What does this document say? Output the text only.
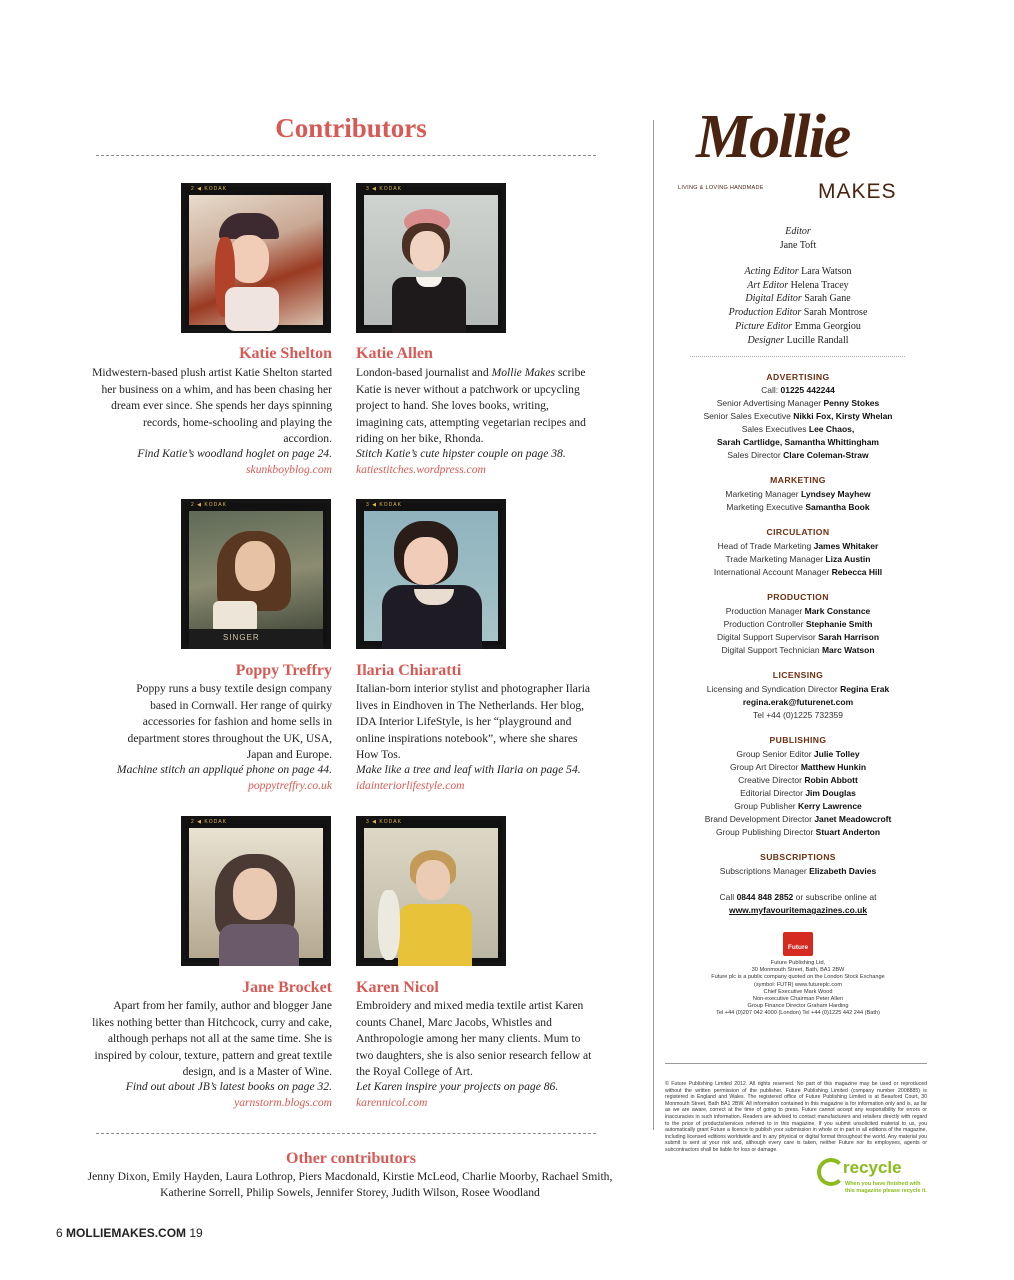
Contributors
2 ◀ KODAK	3 ◀ KODAK
Katie Shelton
Midwestern-based plush artist Katie Shelton started her business on a whim, and has been chasing her dream ever since. She spends her days spinning records, home-schooling and playing the accordion.
Find Katie’s woodland hoglet on page 24.
skunkboyblog.com
Katie Allen
London-based journalist and Mollie Makes scribe Katie is never without a patchwork or upcycling project to hand. She loves books, writing, imagining cats, attempting vegetarian recipes and riding on her bike, Rhonda.
Stitch Katie’s cute hipster couple on page 38.
katiestitches.wordpress.com
2 ◀ KODAK
SINGER
3 ◀ KODAK
Poppy Treffry
Poppy runs a busy textile design company based in Cornwall. Her range of quirky accessories for fashion and home sells in department stores throughout the UK, USA, Japan and Europe.
Machine stitch an appliqué phone on page 44.
poppytreffry.co.uk
Ilaria Chiaratti
Italian-born interior stylist and photographer Ilaria lives in Eindhoven in The Netherlands. Her blog, IDA Interior LifeStyle, is her “playground and online inspirations notebook”, where she shares How Tos.
Make like a tree and leaf with Ilaria on page 54.
idainteriorlifestyle.com
2 ◀ KODAK	3 ◀ KODAK
Jane Brocket
Apart from her family, author and blogger Jane likes nothing better than Hitchcock, curry and cake, although perhaps not all at the same time. She is inspired by colour, texture, pattern and great textile design, and is a Master of Wine.
Find out about JB’s latest books on page 32.
yarnstorm.blogs.com
Karen Nicol
Embroidery and mixed media textile artist Karen counts Chanel, Marc Jacobs, Whistles and Anthropologie among her many clients. Mum to two daughters, she is also senior research fellow at the Royal College of Art.
Let Karen inspire your projects on page 86.
karennicol.com
Other contributors
Jenny Dixon, Emily Hayden, Laura Lothrop, Piers Macdonald, Kirstie McLeod, Charlie Moorby, Rachael Smith, Katherine Sorrell, Philip Sowels, Jennifer Storey, Judith Wilson, Rosee Woodland
Mollie
MAKES
LIVING & LOVING HANDMADE
Editor
Jane Toft
Acting Editor Lara Watson
Art Editor Helena Tracey
Digital Editor Sarah Gane
Production Editor Sarah Montrose
Picture Editor Emma Georgiou
Designer Lucille Randall
ADVERTISING
Call: 01225 442244
Senior Advertising Manager Penny Stokes
Senior Sales Executive Nikki Fox, Kirsty Whelan
Sales Executives Lee Chaos,
Sarah Cartlidge, Samantha Whittingham
Sales Director Clare Coleman-Straw
MARKETING
Marketing Manager Lyndsey Mayhew
Marketing Executive Samantha Book
CIRCULATION
Head of Trade Marketing James Whitaker
Trade Marketing Manager Liza Austin
International Account Manager Rebecca Hill
PRODUCTION
Production Manager Mark Constance
Production Controller Stephanie Smith
Digital Support Supervisor Sarah Harrison
Digital Support Technician Marc Watson
LICENSING
Licensing and Syndication Director Regina Erak
regina.erak@futurenet.com
Tel +44 (0)1225 732359
PUBLISHING
Group Senior Editor Julie Tolley
Group Art Director Matthew Hunkin
Creative Director Robin Abbott
Editorial Director Jim Douglas
Group Publisher Kerry Lawrence
Brand Development Director Janet Meadowcroft
Group Publishing Director Stuart Anderton
SUBSCRIPTIONS
Subscriptions Manager Elizabeth Davies
Call 0844 848 2852 or subscribe online at
www.myfavouritemagazines.co.uk
Future
Future Publishing Ltd,
30 Monmouth Street, Bath, BA1 2BW
Future plc is a public company quoted on the London Stock Exchange
(symbol: FUTR) www.futureplc.com
Chief Executive Mark Wood
Non-executive Chairman Peter Allen
Group Finance Director Graham Harding
Tel +44 (0)207 042 4000 (London) Tel +44 (0)1225 442 244 (Bath)
© Future Publishing Limited 2012. All rights reserved. No part of this magazine may be used or reproduced without the written permission of the publisher. Future Publishing Limited (company number 2008885) is registered in England and Wales. The registered office of Future Publishing Limited is at Beauford Court, 30 Monmouth Street, Bath BA1 2BW. All information contained in this magazine is for information only and is, as far as we are aware, correct at the time of going to press. Future cannot accept any responsibility for errors or inaccuracies in such information. Readers are advised to contact manufacturers and retailers directly with regard to the price of products/services referred to in this magazine. If you submit unsolicited material to us, you automatically grant Future a licence to publish your submission in whole or in part in all editions of the magazine, including licensed editions worldwide and in any physical or digital format throughout the world. Any material you submit is sent at your risk and, although every care is taken, neither Future nor its employees, agents or subcontractors shall be liable for loss or damage.
recycle
When you have finished with this magazine please recycle it.
6 MOLLIEMAKES.COM 19
